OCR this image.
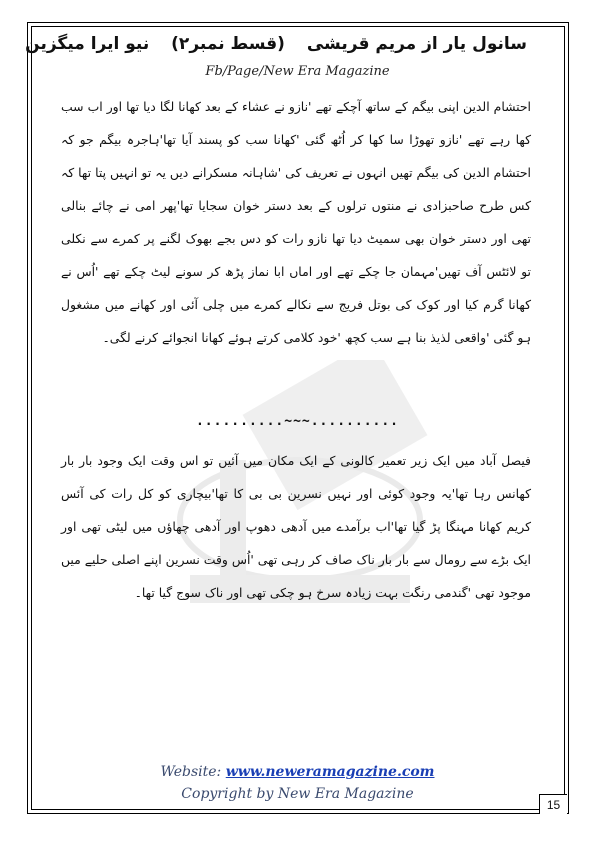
سانول یار از مریم قریشی (قسط نمبر۲) نیو ایرا میگزین
Fb/Page/New Era Magazine
احتشام الدین اپنی بیگم کے ساتھ آچکے تھے 'نازو نے عشاء کے بعد کھانا لگا دیا تھا اور اب سب کھا رہے تھے 'نازو تھوڑا سا کھا کر اُٹھ گئی 'کھانا سب کو پسند آیا تھا'ہاجرہ بیگم جو کہ احتشام الدین کی بیگم تھیں انہوں نے تعریف کی 'شاہانہ مسکرانے دیں یہ تو انہیں پتا تھا کہ کس طرح صاحبزادی نے منتوں ترلوں کے بعد دستر خوان سجایا تھا'پھر امی نے چائے بنالی تھی اور دستر خوان بھی سمیٹ دیا تھا نازو رات کو دس بجے بھوک لگنے پر کمرے سے نکلی تو لائٹس آف تھیں'مہمان جا چکے تھے اور اماں ابا نماز پڑھ کر سونے لیٹ چکے تھے 'اُس نے کھانا گرم کیا اور کوک کی بوتل فریج سے نکالے کمرے میں چلی آئی اور کھانے میں مشغول ہو گئی 'واقعی لذیذ بنا ہے سب کچھ 'خود کلامی کرتے ہوئے کھانا انجوائے کرنے لگی۔
..........~~~..........
فیصل آباد میں ایک زیر تعمیر کالونی کے ایک مکان میں آئیں تو اس وقت ایک وجود بار بار کھانس رہا تھا'یہ وجود کوئی اور نہیں نسرین بی بی کا تھا'بیچاری کو کل رات کی آئس کریم کھانا مہنگا پڑ گیا تھا'اب برآمدے میں آدھی دھوپ اور آدھی چھاؤں میں لیٹی تھی اور ایک بڑے سے رومال سے بار بار ناک صاف کر رہی تھی 'اُس وقت نسرین اپنے اصلی حلیے میں موجود تھی 'گندمی رنگت بہت زیادہ سرخ ہو چکی تھی اور ناک سوج گیا تھا۔
Website: www.neweramagazine.com
Copyright by New Era Magazine
15
